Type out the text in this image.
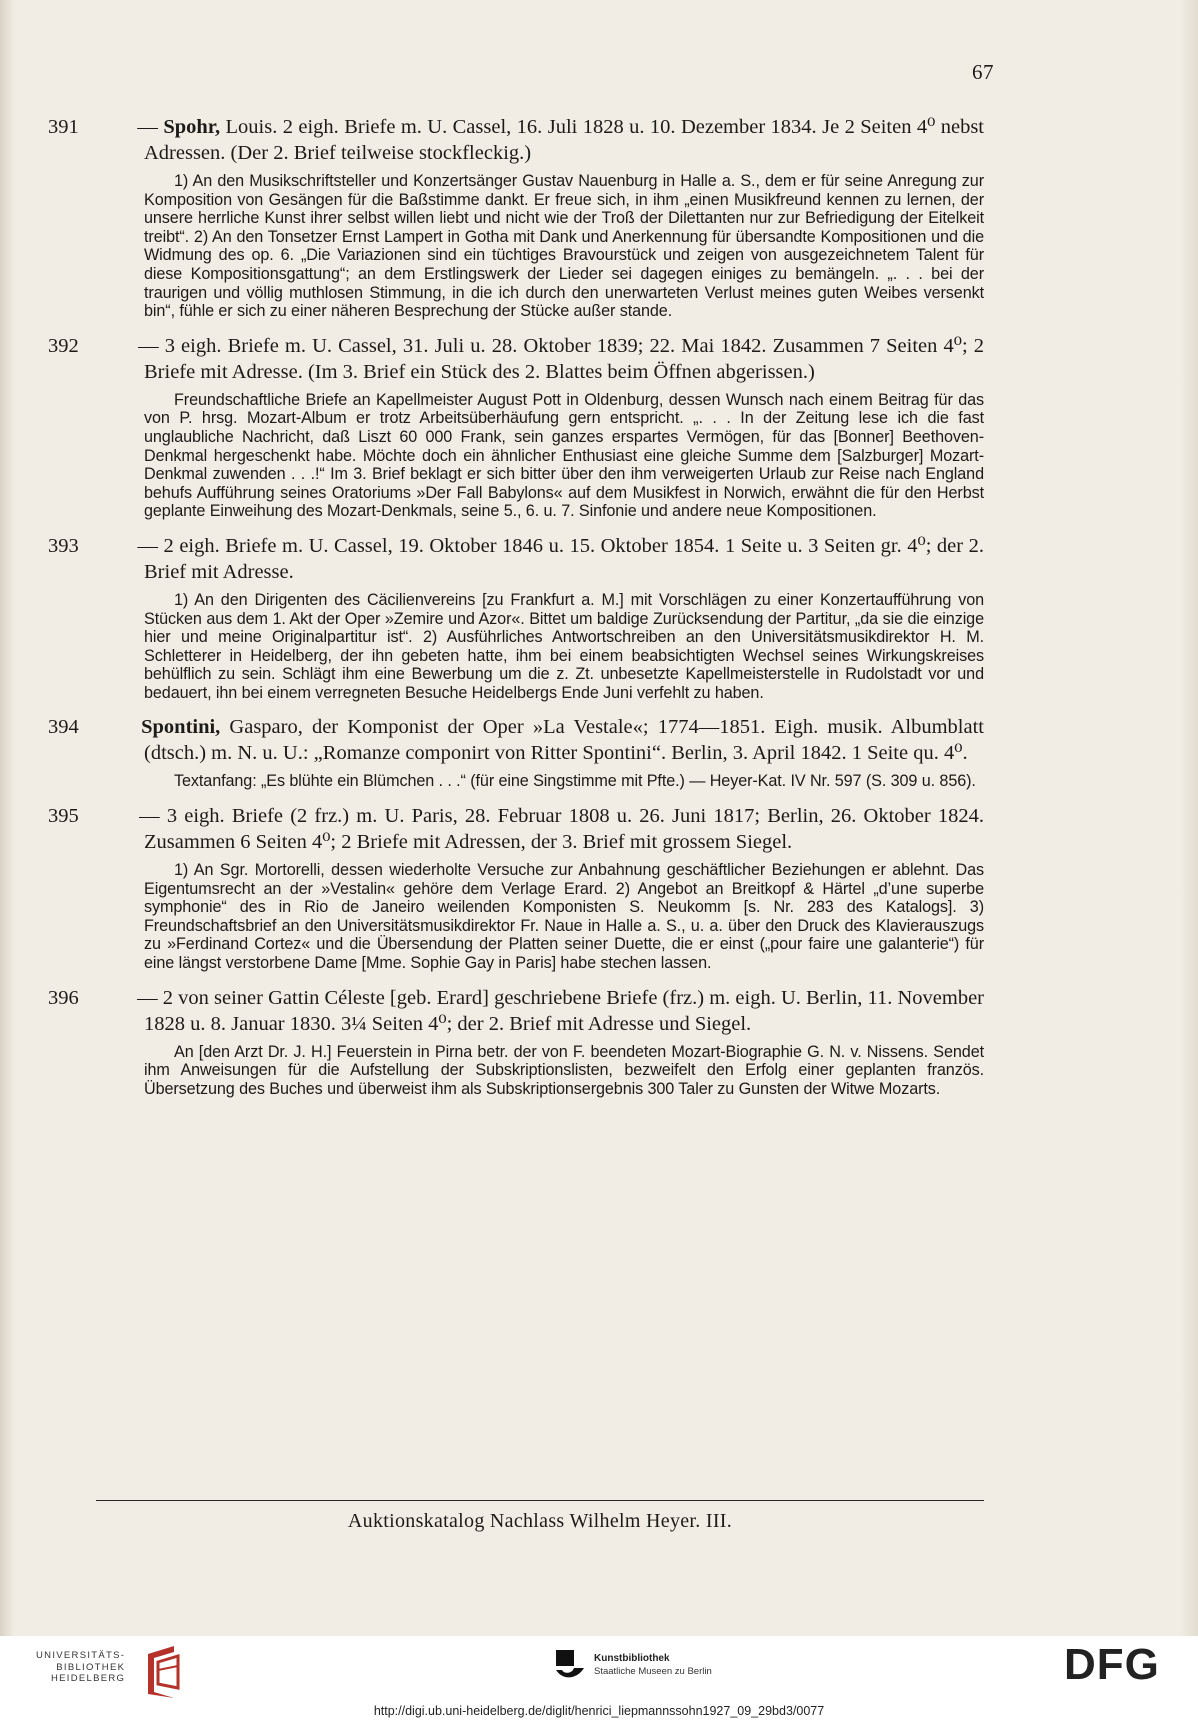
67
391	— Spohr, Louis. 2 eigh. Briefe m. U. Cassel, 16. Juli 1828 u. 10. Dezember 1834. Je 2 Seiten 4⁰ nebst Adressen. (Der 2. Brief teilweise stockfleckig.)
1) An den Musikschriftsteller und Konzertsänger Gustav Nauenburg in Halle a. S., dem er für seine Anregung zur Komposition von Gesängen für die Baßstimme dankt. Er freue sich, in ihm „einen Musikfreund kennen zu lernen, der unsere herrliche Kunst ihrer selbst willen liebt und nicht wie der Troß der Dilettanten nur zur Befriedigung der Eitelkeit treibt“. 2) An den Tonsetzer Ernst Lampert in Gotha mit Dank und Anerkennung für übersandte Kompositionen und die Widmung des op. 6. „Die Variazionen sind ein tüchtiges Bravourstück und zeigen von ausgezeichnetem Talent für diese Kompositionsgattung“; an dem Erstlingswerk der Lieder sei dagegen einiges zu bemängeln. „. . . bei der traurigen und völlig muthlosen Stimmung, in die ich durch den unerwarteten Verlust meines guten Weibes versenkt bin“, fühle er sich zu einer näheren Besprechung der Stücke außer stande.
392	— 3 eigh. Briefe m. U. Cassel, 31. Juli u. 28. Oktober 1839; 22. Mai 1842. Zusammen 7 Seiten 4⁰; 2 Briefe mit Adresse. (Im 3. Brief ein Stück des 2. Blattes beim Öffnen abgerissen.)
Freundschaftliche Briefe an Kapellmeister August Pott in Oldenburg, dessen Wunsch nach einem Beitrag für das von P. hrsg. Mozart-Album er trotz Arbeitsüberhäufung gern entspricht. „. . . In der Zeitung lese ich die fast unglaubliche Nachricht, daß Liszt 60 000 Frank, sein ganzes erspartes Vermögen, für das [Bonner] Beethoven-Denkmal hergeschenkt habe. Möchte doch ein ähnlicher Enthusiast eine gleiche Summe dem [Salzburger] Mozart-Denkmal zuwenden . . .!“ Im 3. Brief beklagt er sich bitter über den ihm verweigerten Urlaub zur Reise nach England behufs Aufführung seines Oratoriums »Der Fall Babylons« auf dem Musikfest in Norwich, erwähnt die für den Herbst geplante Einweihung des Mozart-Denkmals, seine 5., 6. u. 7. Sinfonie und andere neue Kompositionen.
393	— 2 eigh. Briefe m. U. Cassel, 19. Oktober 1846 u. 15. Oktober 1854. 1 Seite u. 3 Seiten gr. 4⁰; der 2. Brief mit Adresse.
1) An den Dirigenten des Cäcilienvereins [zu Frankfurt a. M.] mit Vorschlägen zu einer Konzertaufführung von Stücken aus dem 1. Akt der Oper »Zemire und Azor«. Bittet um baldige Zurücksendung der Partitur, „da sie die einzige hier und meine Originalpartitur ist“. 2) Ausführliches Antwortschreiben an den Universitätsmusikdirektor H. M. Schletterer in Heidelberg, der ihn gebeten hatte, ihm bei einem beabsichtigten Wechsel seines Wirkungskreises behülflich zu sein. Schlägt ihm eine Bewerbung um die z. Zt. unbesetzte Kapellmeisterstelle in Rudolstadt vor und bedauert, ihn bei einem verregneten Besuche Heidelbergs Ende Juni verfehlt zu haben.
394	Spontini, Gasparo, der Komponist der Oper »La Vestale«; 1774—1851. Eigh. musik. Albumblatt (dtsch.) m. N. u. U.: „Romanze componirt von Ritter Spontini“. Berlin, 3. April 1842. 1 Seite qu. 4⁰.
Textanfang: „Es blühte ein Blümchen . . .“ (für eine Singstimme mit Pfte.) — Heyer-Kat. IV Nr. 597 (S. 309 u. 856).
395	— 3 eigh. Briefe (2 frz.) m. U. Paris, 28. Februar 1808 u. 26. Juni 1817; Berlin, 26. Oktober 1824. Zusammen 6 Seiten 4⁰; 2 Briefe mit Adressen, der 3. Brief mit grossem Siegel.
1) An Sgr. Mortorelli, dessen wiederholte Versuche zur Anbahnung geschäftlicher Beziehungen er ablehnt. Das Eigentumsrecht an der »Vestalin« gehöre dem Verlage Erard. 2) Angebot an Breitkopf & Härtel „d’une superbe symphonie“ des in Rio de Janeiro weilenden Komponisten S. Neukomm [s. Nr. 283 des Katalogs]. 3) Freundschaftsbrief an den Universitätsmusikdirektor Fr. Naue in Halle a. S., u. a. über den Druck des Klavierauszugs zu »Ferdinand Cortez« und die Übersendung der Platten seiner Duette, die er einst („pour faire une galanterie“) für eine längst verstorbene Dame [Mme. Sophie Gay in Paris] habe stechen lassen.
396	— 2 von seiner Gattin Céleste [geb. Erard] geschriebene Briefe (frz.) m. eigh. U. Berlin, 11. November 1828 u. 8. Januar 1830. 3¼ Seiten 4⁰; der 2. Brief mit Adresse und Siegel.
An [den Arzt Dr. J. H.] Feuerstein in Pirna betr. der von F. beendeten Mozart-Biographie G. N. v. Nissens. Sendet ihm Anweisungen für die Aufstellung der Subskriptionslisten, bezweifelt den Erfolg einer geplanten französ. Übersetzung des Buches und überweist ihm als Subskriptionsergebnis 300 Taler zu Gunsten der Witwe Mozarts.
Auktionskatalog Nachlass Wilhelm Heyer. III.
UNIVERSITÄTS-
BIBLIOTHEK
HEIDELBERG
Kunstbibliothek
Staatliche Museen zu Berlin	DFG
http://digi.ub.uni-heidelberg.de/diglit/henrici_liepmannssohn1927_09_29bd3/0077
